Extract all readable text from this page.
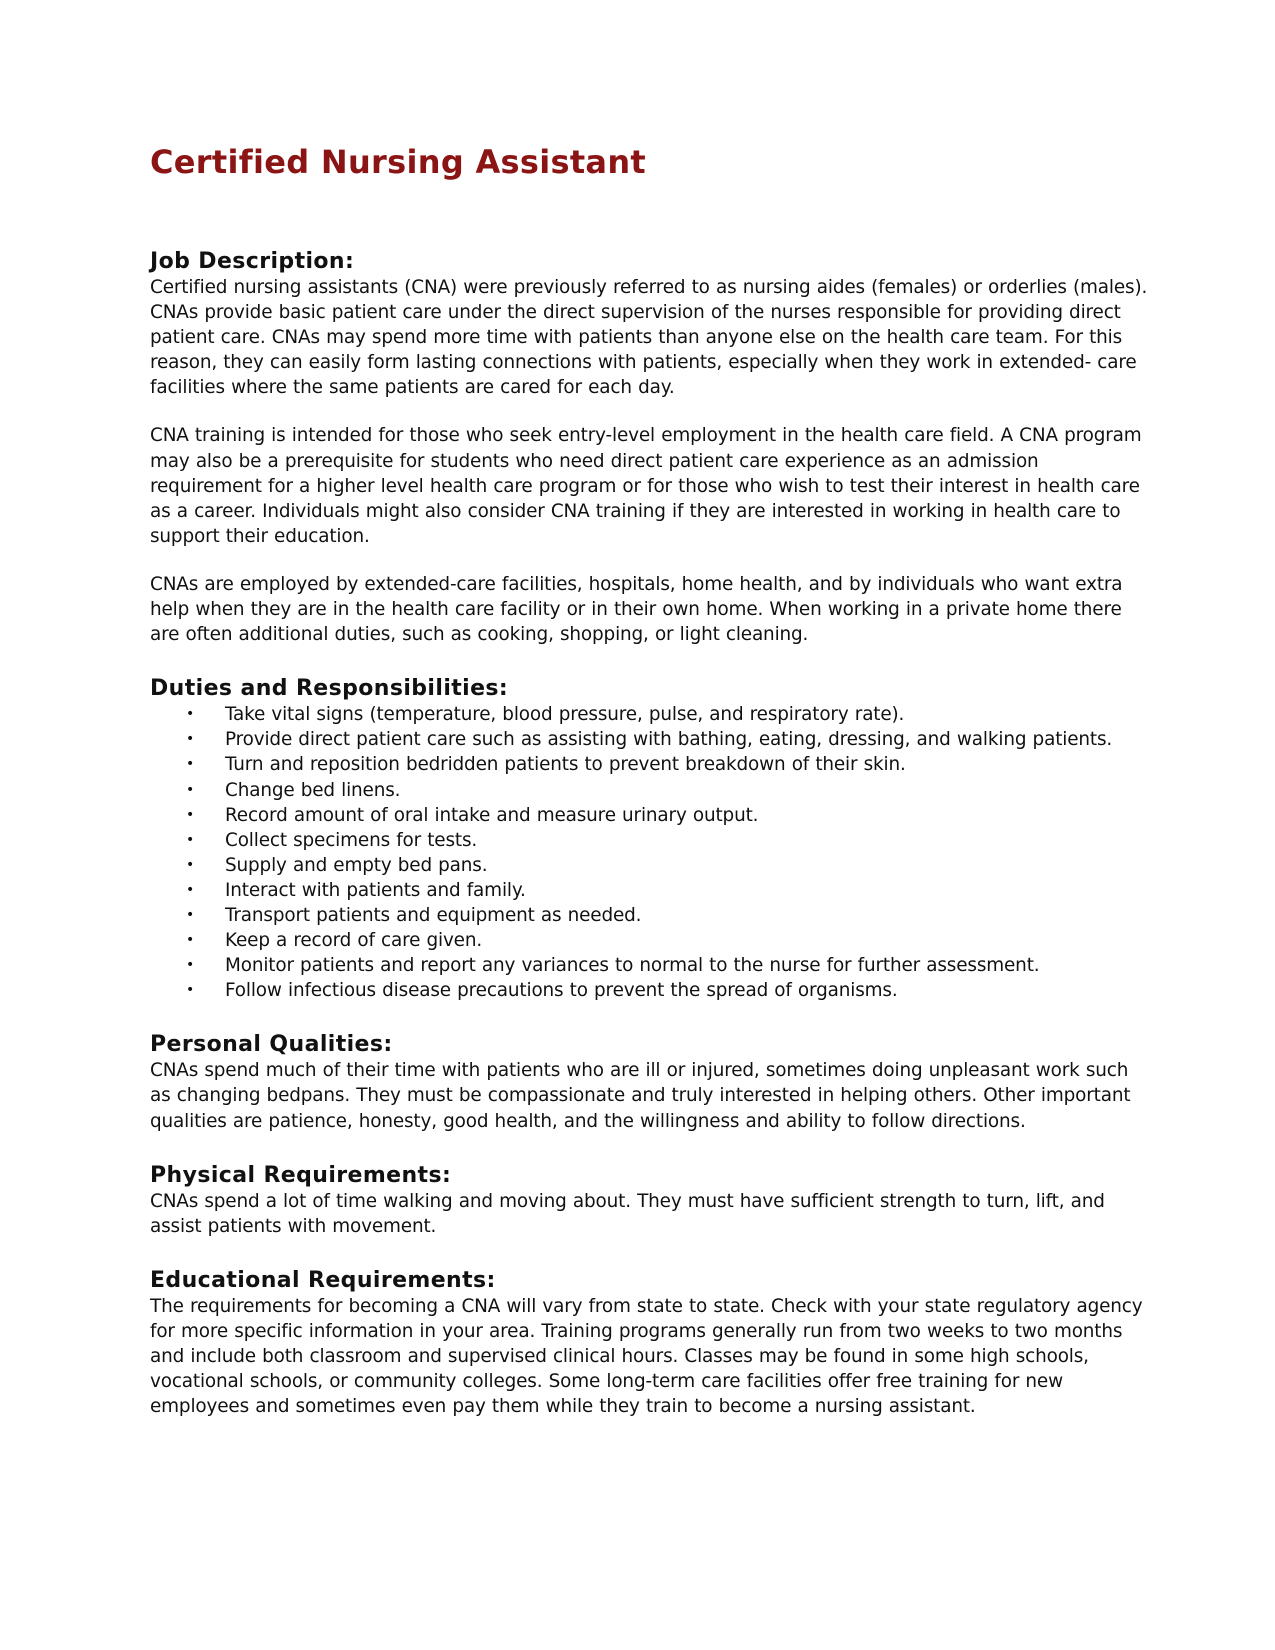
Certified Nursing Assistant
Job Description:

Certified nursing assistants (CNA) were previously referred to as nursing aides (females) or orderlies (males). CNAs provide basic patient care under the direct supervision of the nurses responsible for providing direct patient care. CNAs may spend more time with patients than anyone else on the health care team. For this reason, they can easily form lasting connections with patients, especially when they work in extended- care facilities where the same patients are cared for each day.

CNA training is intended for those who seek entry-level employment in the health care field. A CNA program may also be a prerequisite for students who need direct patient care experience as an admission requirement for a higher level health care program or for those who wish to test their interest in health care as a career. Individuals might also consider CNA training if they are interested in working in health care to support their education.

CNAs are employed by extended-care facilities, hospitals, home health, and by individuals who want extra help when they are in the health care facility or in their own home. When working in a private home there are often additional duties, such as cooking, shopping, or light cleaning.

Duties and Responsibilities:
• Take vital signs (temperature, blood pressure, pulse, and respiratory rate).
• Provide direct patient care such as assisting with bathing, eating, dressing, and walking patients.
• Turn and reposition bedridden patients to prevent breakdown of their skin.
• Change bed linens.
• Record amount of oral intake and measure urinary output.
• Collect specimens for tests.
• Supply and empty bed pans.
• Interact with patients and family.
• Transport patients and equipment as needed.
• Keep a record of care given.
• Monitor patients and report any variances to normal to the nurse for further assessment.
• Follow infectious disease precautions to prevent the spread of organisms.
Personal Qualities:

CNAs spend much of their time with patients who are ill or injured, sometimes doing unpleasant work such as changing bedpans. They must be compassionate and truly interested in helping others. Other important qualities are patience, honesty, good health, and the willingness and ability to follow directions.

Physical Requirements:

CNAs spend a lot of time walking and moving about. They must have sufficient strength to turn, lift, and assist patients with movement.

Educational Requirements:

The requirements for becoming a CNA will vary from state to state. Check with your state regulatory agency for more specific information in your area. Training programs generally run from two weeks to two months and include both classroom and supervised clinical hours. Classes may be found in some high schools, vocational schools, or community colleges. Some long-term care facilities offer free training for new employees and sometimes even pay them while they train to become a nursing assistant.
